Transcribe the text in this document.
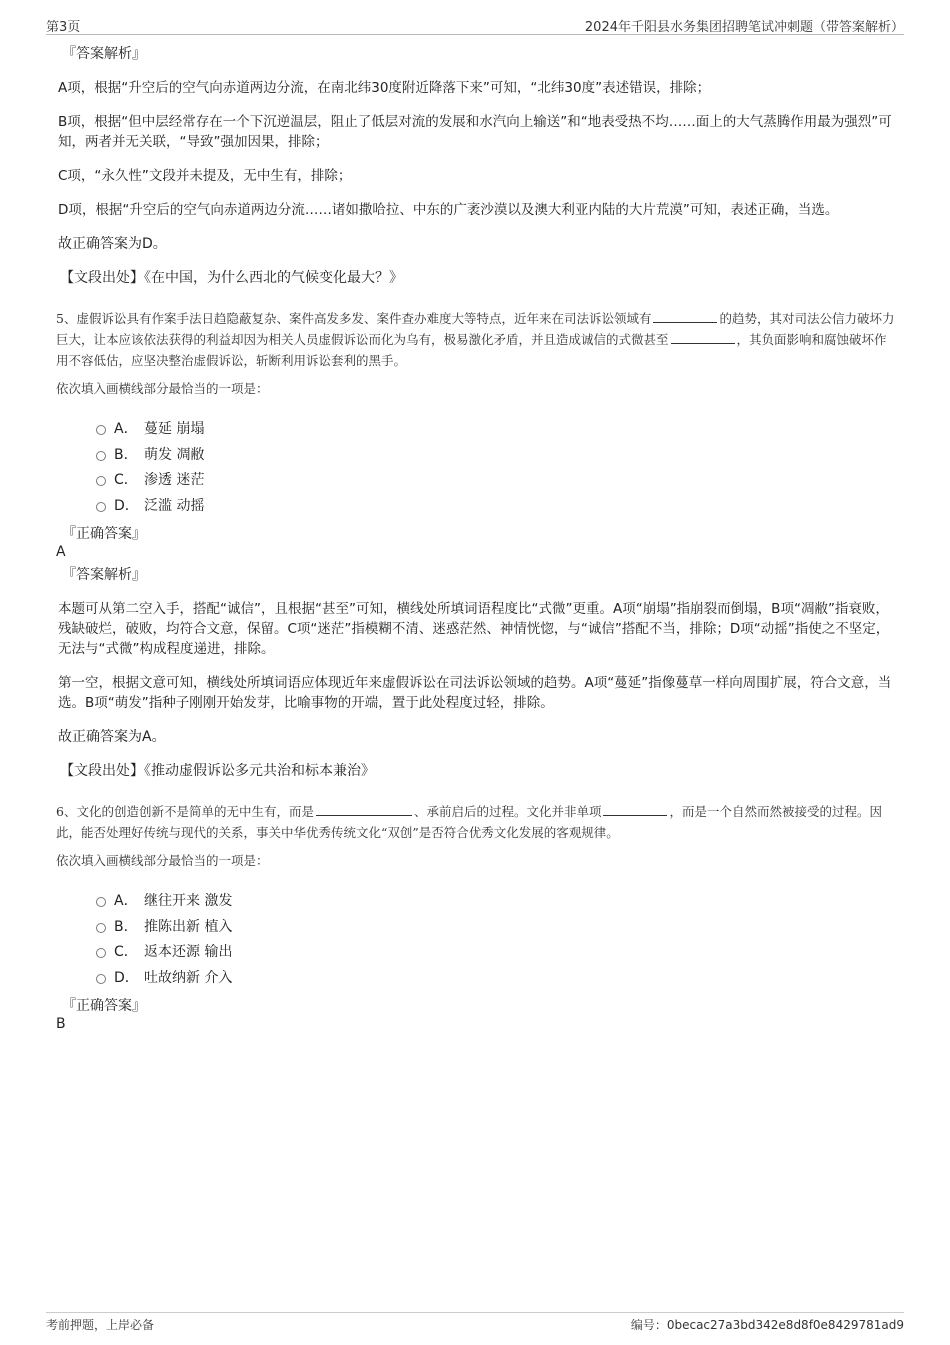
第3页	2024年千阳县水务集团招聘笔试冲刺题（带答案解析）
『答案解析』

A项，根据“升空后的空气向赤道两边分流，在南北纬30度附近降落下来”可知，“北纬30度”表述错误，排除；

B项，根据“但中层经常存在一个下沉逆温层，阻止了低层对流的发展和水汽向上输送”和“地表受热不均……面上的大气蒸腾作用最为强烈”可知，两者并无关联，“导致”强加因果，排除；

C项，“永久性”文段并未提及，无中生有，排除；

D项，根据“升空后的空气向赤道两边分流……诸如撒哈拉、中东的广袤沙漠以及澳大利亚内陆的大片荒漠”可知，表述正确，当选。

故正确答案为D。

【文段出处】《在中国，为什么西北的气候变化最大？》

5、虚假诉讼具有作案手法日趋隐蔽复杂、案件高发多发、案件查办难度大等特点，近年来在司法诉讼领域有	的趋势，其对司法公信力破坏力巨大，让本应该依法获得的利益却因为相关人员虚假诉讼而化为乌有，极易激化矛盾，并且造成诚信的式微甚至	，其负面影响和腐蚀破坏作用不容低估，应坚决整治虚假诉讼，斩断利用诉讼套利的黑手。
依次填入画横线部分最恰当的一项是：
A． 蔓延 崩塌
B． 萌发 凋敝
C． 渗透 迷茫
D． 泛滥 动摇
『正确答案』
A
『答案解析』

本题可从第二空入手，搭配“诚信”，且根据“甚至”可知，横线处所填词语程度比“式微”更重。A项“崩塌”指崩裂而倒塌，B项“凋敝”指衰败，残缺破烂，破败，均符合文意，保留。C项“迷茫”指模糊不清、迷惑茫然、神情恍惚，与“诚信”搭配不当，排除；D项“动摇”指使之不坚定，无法与“式微”构成程度递进，排除。

第一空，根据文意可知，横线处所填词语应体现近年来虚假诉讼在司法诉讼领域的趋势。A项“蔓延”指像蔓草一样向周围扩展，符合文意，当选。B项“萌发”指种子刚刚开始发芽，比喻事物的开端，置于此处程度过轻，排除。

故正确答案为A。

【文段出处】《推动虚假诉讼多元共治和标本兼治》

6、文化的创造创新不是简单的无中生有，而是	、承前启后的过程。文化并非单项	，而是一个自然而然被接受的过程。因此，能否处理好传统与现代的关系，事关中华优秀传统文化“双创”是否符合优秀文化发展的客观规律。
依次填入画横线部分最恰当的一项是：
A． 继往开来 激发
B． 推陈出新 植入
C． 返本还源 输出
D． 吐故纳新 介入
『正确答案』
B
考前押题，上岸必备	编号：0becac27a3bd342e8d8f0e8429781ad9
